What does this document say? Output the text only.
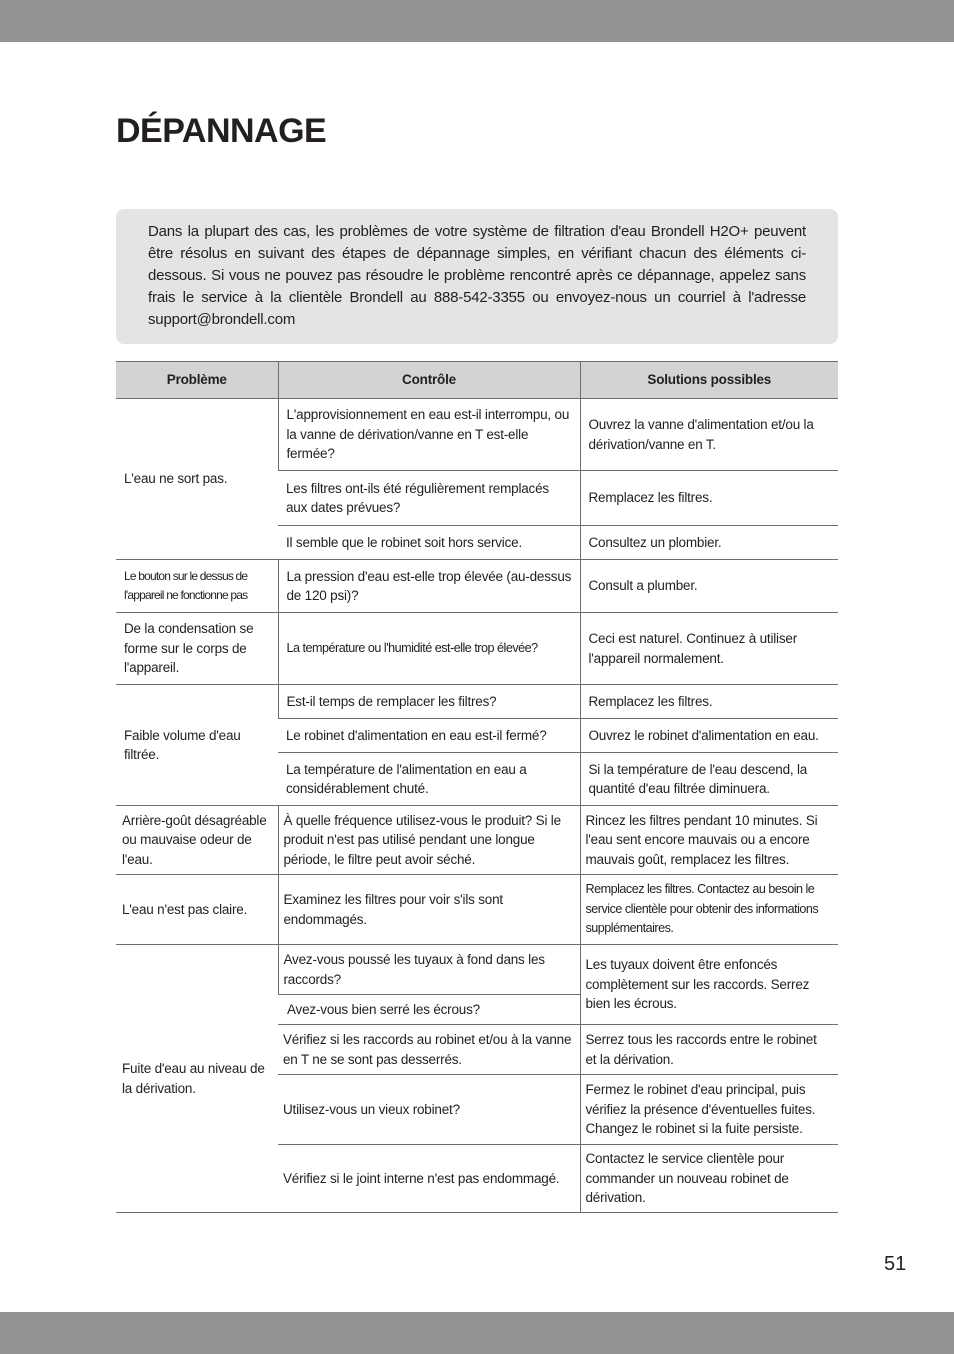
DÉPANNAGE
Dans la plupart des cas, les problèmes de votre système de filtration d'eau Brondell H2O+ peuvent être résolus en suivant des étapes de dépannage simples, en vérifiant chacun des éléments ci-dessous. Si vous ne pouvez pas résoudre le problème rencontré après ce dépannage, appelez sans frais le service à la clientèle Brondell au 888-542-3355 ou envoyez-nous un courriel à l'adresse support@brondell.com
Problème	Contrôle	Solutions possibles
L'eau ne sort pas.	L'approvisionnement en eau est-il interrompu, ou la vanne de dérivation/vanne en T est-elle fermée?	Ouvrez la vanne d'alimentation et/ou la dérivation/vanne en T.
	Les filtres ont-ils été régulièrement remplacés aux dates prévues?	Remplacez les filtres.
	Il semble que le robinet soit hors service.	Consultez un plombier.
Le bouton sur le dessus de l'appareil ne fonctionne pas	La pression d'eau est-elle trop élevée (au-dessus de 120 psi)?	Consult a plumber.
De la condensation se forme sur le corps de l'appareil.	La température ou l'humidité est-elle trop élevée?	Ceci est naturel. Continuez à utiliser l'appareil normalement.
Faible volume d'eau filtrée.	Est-il temps de remplacer les filtres?	Remplacez les filtres.
	Le robinet d'alimentation en eau est-il fermé?	Ouvrez le robinet d'alimentation en eau.
	La température de l'alimentation en eau a considérablement chuté.	Si la température de l'eau descend, la quantité d'eau filtrée diminuera.
Arrière-goût désagréable ou mauvaise odeur de l'eau.	À quelle fréquence utilisez-vous le produit? Si le produit n'est pas utilisé pendant une longue période, le filtre peut avoir séché.	Rincez les filtres pendant 10 minutes. Si l'eau sent encore mauvais ou a encore mauvais goût, remplacez les filtres.
L'eau n'est pas claire.	Examinez les filtres pour voir s'ils sont endommagés.	Remplacez les filtres. Contactez au besoin le service clientèle pour obtenir des informations supplémentaires.
Fuite d'eau au niveau de la dérivation.	Avez-vous poussé les tuyaux à fond dans les raccords?	Les tuyaux doivent être enfoncés complètement sur les raccords. Serrez bien les écrous.
	Avez-vous bien serré les écrous?	
	Vérifiez si les raccords au robinet et/ou à la vanne en T ne se sont pas desserrés.	Serrez tous les raccords entre le robinet et la dérivation.
	Utilisez-vous un vieux robinet?	Fermez le robinet d'eau principal, puis vérifiez la présence d'éventuelles fuites. Changez le robinet si la fuite persiste.
	Vérifiez si le joint interne n'est pas endommagé.	Contactez le service clientèle pour commander un nouveau robinet de dérivation.
51
